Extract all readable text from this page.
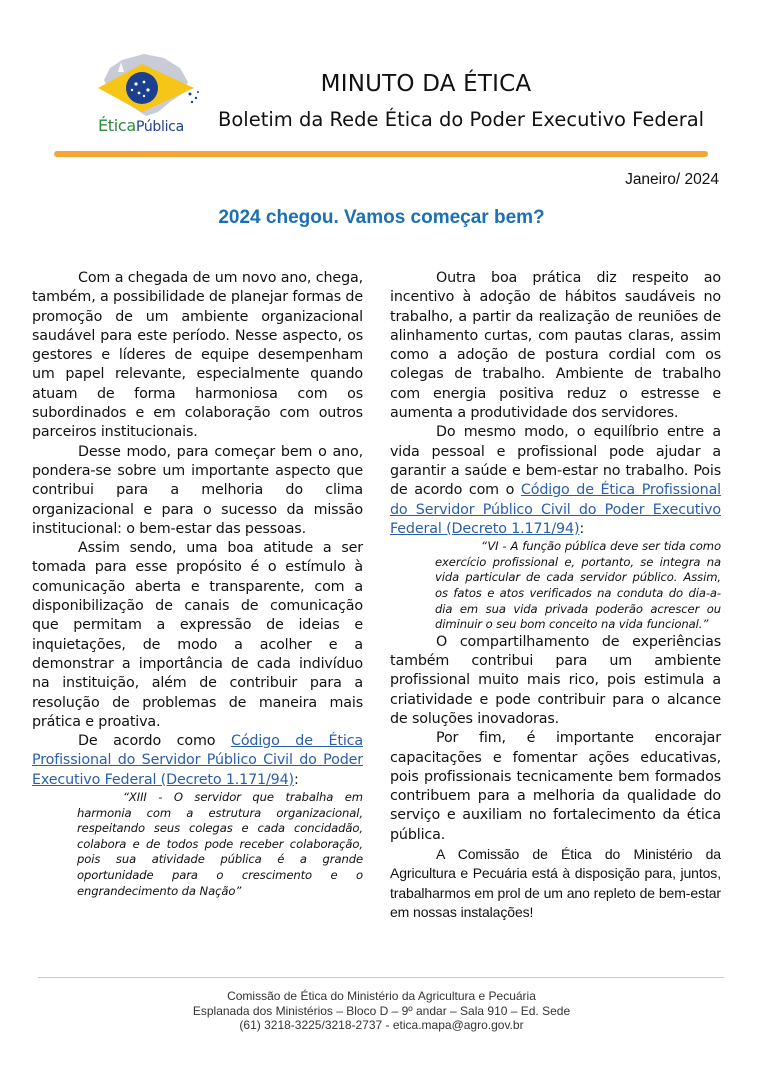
ÉticaPública
MINUTO DA ÉTICA
Boletim da Rede Ética do Poder Executivo Federal
Janeiro/ 2024
2024 chegou. Vamos começar bem?

Com a chegada de um novo ano, chega, também, a possibilidade de planejar formas de promoção de um ambiente organizacional saudável para este período. Nesse aspecto, os gestores e líderes de equipe desempenham um papel relevante, especialmente quando atuam de forma harmoniosa com os subordinados e em colaboração com outros parceiros institucionais.

Desse modo, para começar bem o ano, pondera-se sobre um importante aspecto que contribui para a melhoria do clima organizacional e para o sucesso da missão institucional: o bem-estar das pessoas.

Assim sendo, uma boa atitude a ser tomada para esse propósito é o estímulo à comunicação aberta e transparente, com a disponibilização de canais de comunicação que permitam a expressão de ideias e inquietações, de modo a acolher e a demonstrar a importância de cada indivíduo na instituição, além de contribuir para a resolução de problemas de maneira mais prática e proativa.

De acordo como Código de Ética Profissional do Servidor Público Civil do Poder Executivo Federal (Decreto 1.171/94):

“XIII - O servidor que trabalha em harmonia com a estrutura organizacional, respeitando seus colegas e cada concidadão, colabora e de todos pode receber colaboração, pois sua atividade pública é a grande oportunidade para o crescimento e o engrandecimento da Nação”

Outra boa prática diz respeito ao incentivo à adoção de hábitos saudáveis no trabalho, a partir da realização de reuniões de alinhamento curtas, com pautas claras, assim como a adoção de postura cordial com os colegas de trabalho. Ambiente de trabalho com energia positiva reduz o estresse e aumenta a produtividade dos servidores.

Do mesmo modo, o equilíbrio entre a vida pessoal e profissional pode ajudar a garantir a saúde e bem-estar no trabalho. Pois de acordo com o Código de Ética Profissional do Servidor Público Civil do Poder Executivo Federal (Decreto 1.171/94):

“VI - A função pública deve ser tida como exercício profissional e, portanto, se integra na vida particular de cada servidor público. Assim, os fatos e atos verificados na conduta do dia-a-dia em sua vida privada poderão acrescer ou diminuir o seu bom conceito na vida funcional.”

O compartilhamento de experiências também contribui para um ambiente profissional muito mais rico, pois estimula a criatividade e pode contribuir para o alcance de soluções inovadoras.

Por fim, é importante encorajar capacitações e fomentar ações educativas, pois profissionais tecnicamente bem formados contribuem para a melhoria da qualidade do serviço e auxiliam no fortalecimento da ética pública.

A Comissão de Ética do Ministério da Agricultura e Pecuária está à disposição para, juntos, trabalharmos em prol de um ano repleto de bem-estar em nossas instalações!

Comissão de Ética do Ministério da Agricultura e Pecuária
Esplanada dos Ministérios – Bloco D – 9º andar – Sala 910 – Ed. Sede
(61) 3218-3225/3218-2737 - etica.mapa@agro.gov.br
